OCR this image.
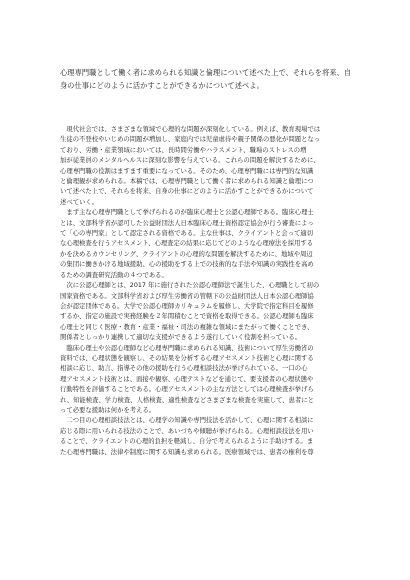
心理専門職として働く者に求められる知識と倫理について述べた上で、それらを将来、自

身の仕事にどのように活かすことができるかについて述べよ。

　現代社会では、さまざまな領域で心理的な問題が深刻化している。例えば、教育現場では

生徒の不登校やいじめの問題が増加し、家庭内では児童虐待や親子関係の悪化が問題となっ

ており、労働・産業領域においては、長時間労働やハラスメント、職場のストレスの増

加が従業員のメンタルヘルスに深刻な影響を与えている。これらの問題を解決するために、

心理専門職の役割はますます重要になっている。そのため、心理専門職には専門的な知識

と倫理観が求められる。本稿では、心理専門職として働く者に求められる知識と倫理につ

いて述べた上で、それらを将来、自身の仕事にどのように活かすことができるかについて

述べていく。

　まず主な心理専門職として挙げられるのが臨床心理士と公認心理師である。臨床心理士

とは、文部科学省が認可した公益財団法人日本臨床心理士資格認定協会が行う審査によっ

て「心の専門家」として認定される資格である。主な仕事は、クライアントと会って適切

な心理検査を行うアセスメント、心理査定の結果に応じてどのような心理療法を採用する

かを決めるカウンセリング、クライアントの心理的な問題を解決するために、地域や周辺

の集団に働きかける地域援助、心の援助をする上での技術的な手法や知識の実践性を高め

るための調査研究活動の４つである。

　次に公認心理師とは、2017 年に施行された公認心理師法で誕生した、心理職として初の

国家資格である。文部科学省および厚生労働省の管轄下の公益財団法人日本公認心理師協

会が認定団体である。大学で公認心理師カリキュラムを履修し、大学院で指定科目を履修

するか、指定の施設で実務経験を２年間積むことで資格を取得できる。公認心理師も臨床

心理士と同じく医療・教育・産業・福祉・司法の複雑な領域にまたがって働くことでき、

関係者としっかり連携して適切な支援ができるよう遂行していく役割を担っている。

　臨床心理士や公認心理師など心理専門職に求められる知識、技術について厚生労働省の

資料では、心理状態を観察し、その結果を分析する心理アセスメント技術と心理に関する

相談に応じ、助言、指導その他の援助を行う心理相談技法が挙げられている。一口の心

理アセスメント技術とは、面接や観察、心理テストなどを通じて、要支援者の心理状態や

行動特性を評価することである。心理アセスメントの主な方法としては心理検査が挙げら

れ、知能検査、学力検査、人格検査、適性検査などさまざまな検査を実施して、患者にと

って必要な援助は何かを考える。

　二つ目の心理相談技法とは、心理学の知識や専門技法を活かして、心理に関する相談に

応じる際に用いられる技法のことで、あいづちや傾聴が挙げられる。心理相談技法を用い

ることで、クライエントの心理的負担を軽減し、自分で考えられるように手助けする。ま

た心理専門職は、法律や制度に関する知識も求められる。医療領域では、患者の権利を尊
